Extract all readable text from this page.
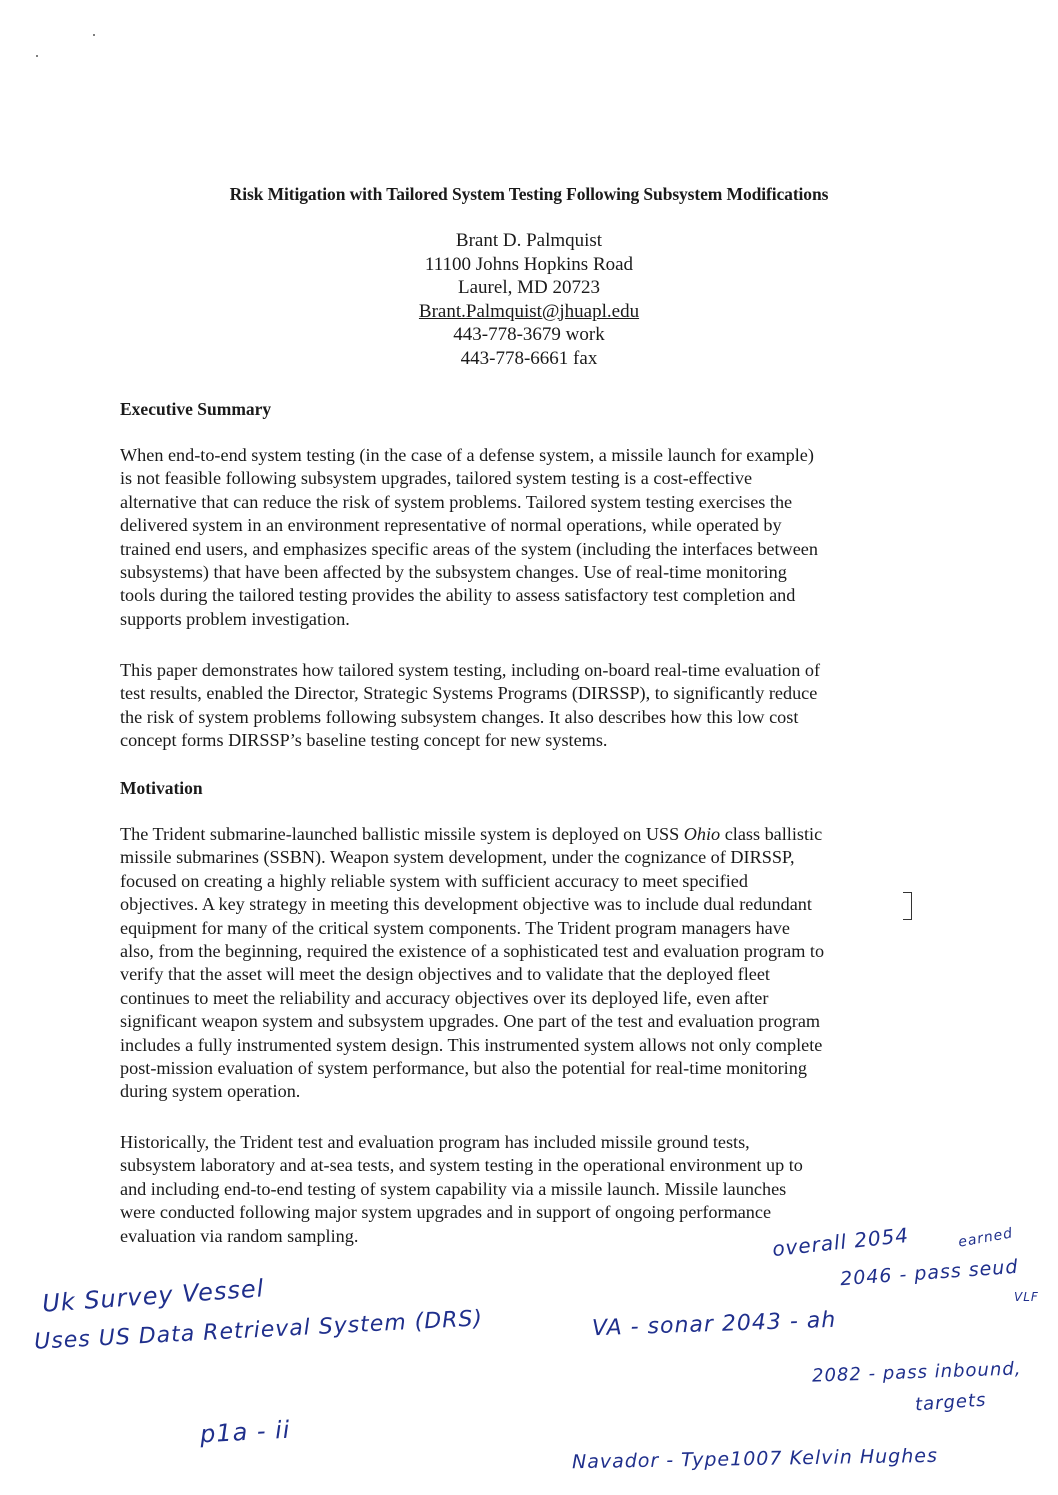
Risk Mitigation with Tailored System Testing Following Subsystem Modifications
Brant D. Palmquist
11100 Johns Hopkins Road
Laurel, MD 20723
Brant.Palmquist@jhuapl.edu
443-778-3679 work
443-778-6661 fax
Executive Summary
When end-to-end system testing (in the case of a defense system, a missile launch for example)
is not feasible following subsystem upgrades, tailored system testing is a cost-effective
alternative that can reduce the risk of system problems. Tailored system testing exercises the
delivered system in an environment representative of normal operations, while operated by
trained end users, and emphasizes specific areas of the system (including the interfaces between
subsystems) that have been affected by the subsystem changes. Use of real-time monitoring
tools during the tailored testing provides the ability to assess satisfactory test completion and
supports problem investigation.
This paper demonstrates how tailored system testing, including on-board real-time evaluation of
test results, enabled the Director, Strategic Systems Programs (DIRSSP), to significantly reduce
the risk of system problems following subsystem changes. It also describes how this low cost
concept forms DIRSSP’s baseline testing concept for new systems.
Motivation
The Trident submarine-launched ballistic missile system is deployed on USS Ohio class ballistic
missile submarines (SSBN). Weapon system development, under the cognizance of DIRSSP,
focused on creating a highly reliable system with sufficient accuracy to meet specified
objectives. A key strategy in meeting this development objective was to include dual redundant
equipment for many of the critical system components. The Trident program managers have
also, from the beginning, required the existence of a sophisticated test and evaluation program to
verify that the asset will meet the design objectives and to validate that the deployed fleet
continues to meet the reliability and accuracy objectives over its deployed life, even after
significant weapon system and subsystem upgrades. One part of the test and evaluation program
includes a fully instrumented system design. This instrumented system allows not only complete
post-mission evaluation of system performance, but also the potential for real-time monitoring
during system operation.
Historically, the Trident test and evaluation program has included missile ground tests,
subsystem laboratory and at-sea tests, and system testing in the operational environment up to
and including end-to-end testing of system capability via a missile launch. Missile launches
were conducted following major system upgrades and in support of ongoing performance
evaluation via random sampling.
Uk Survey Vessel
Uses US Data Retrieval System (DRS)
p1a - ii
overall 2054	earned
2046 - pass seud
VLF
VA - sonar 2043 - ah
2082 - pass inbound,
targets
Navador - Type1007 Kelvin Hughes
